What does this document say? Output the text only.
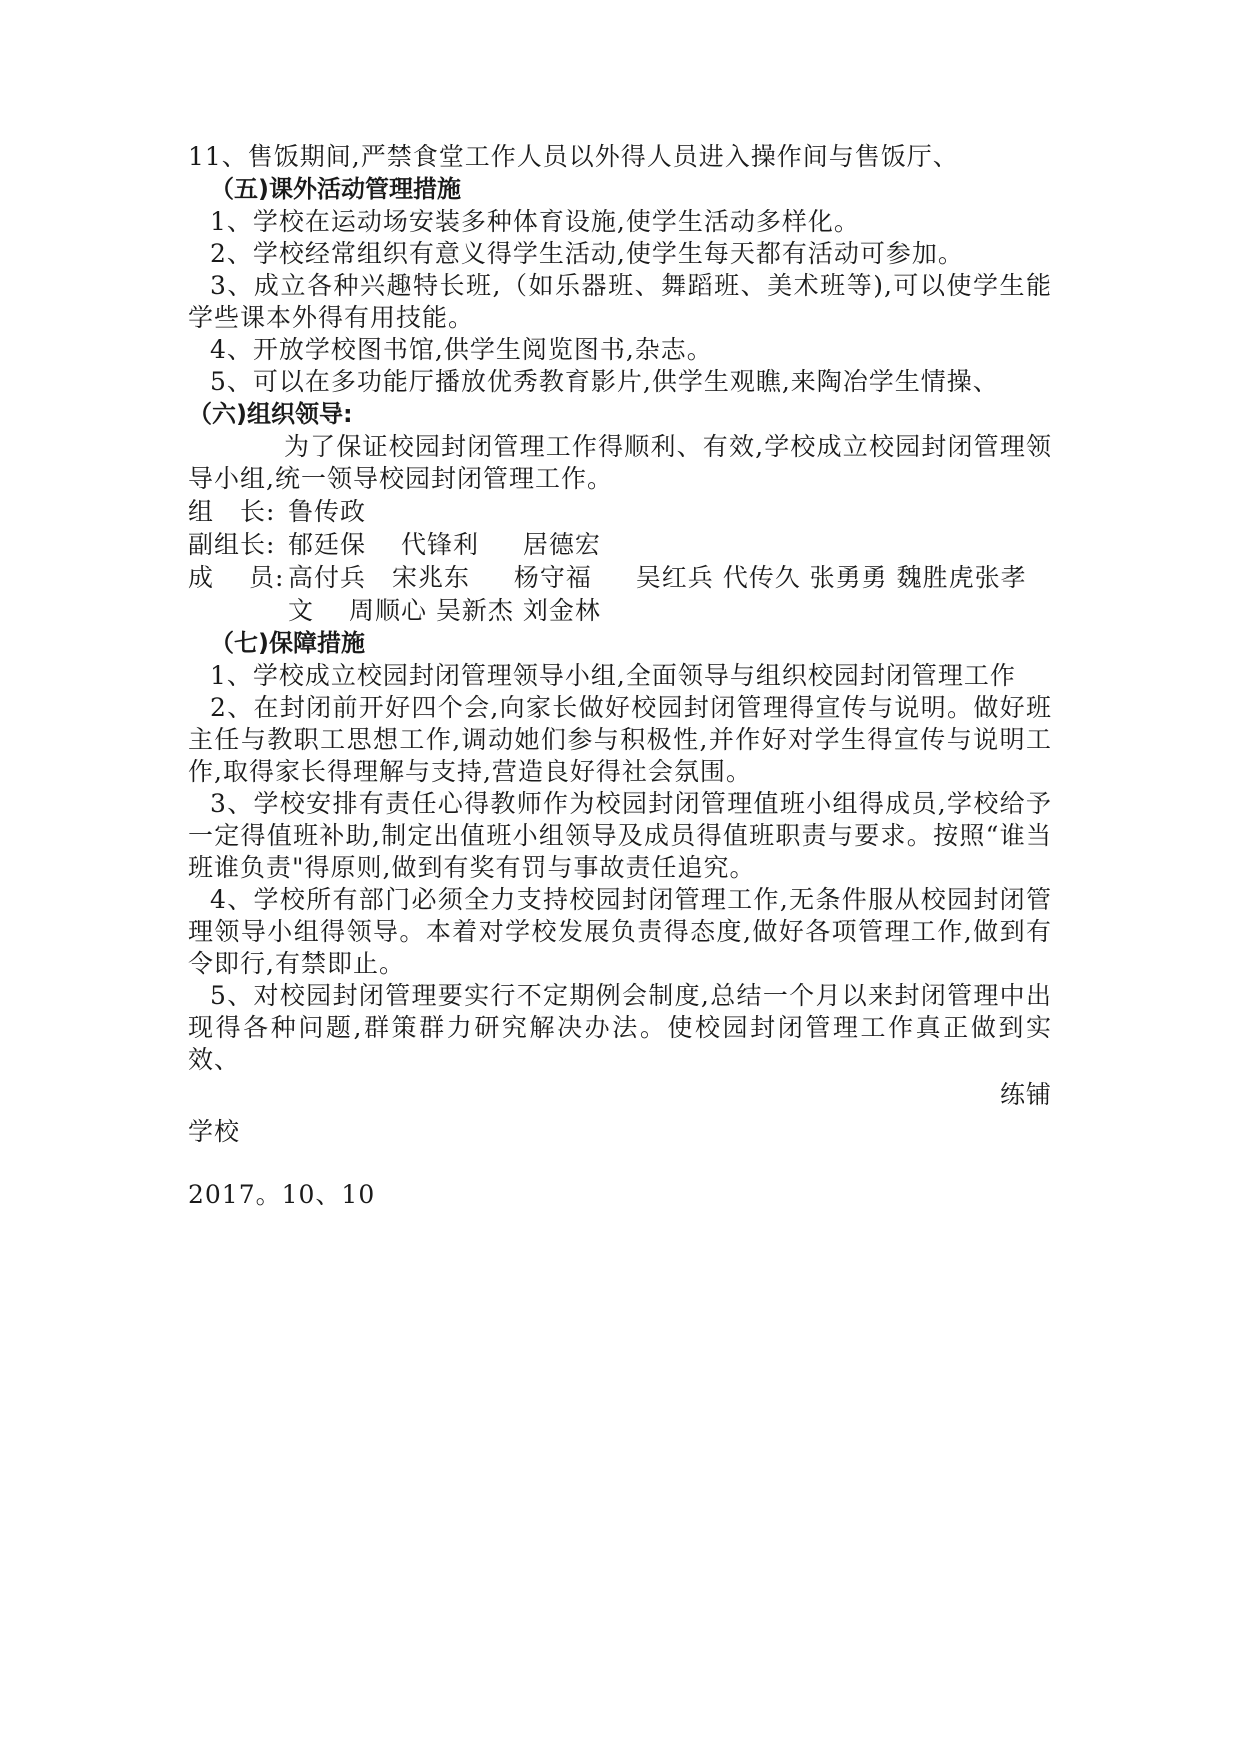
11、售饭期间,严禁食堂工作人员以外得人员进入操作间与售饭厅、
（五)课外活动管理措施

1、学校在运动场安装多种体育设施,使学生活动多样化。

2、学校经常组织有意义得学生活动,使学生每天都有活动可参加。

3、成立各种兴趣特长班,（如乐器班、舞蹈班、美术班等),可以使学生能学些课本外得有用技能。

4、开放学校图书馆,供学生阅览图书,杂志。

5、可以在多功能厅播放优秀教育影片,供学生观瞧,来陶冶学生情操、

（六)组织领导:

为了保证校园封闭管理工作得顺利、有效,学校成立校园封闭管理领导小组,统一领导校园封闭管理工作。

组　长: 鲁传政
副组长: 郁廷保　 代锋利 　 居德宏
成　 员: 高付兵　宋兆东 　 杨守福 　 吴红兵 代传久 张勇勇 魏胜虎张孝文 　周顺心 吴新杰 刘金林
（七)保障措施

1、学校成立校园封闭管理领导小组,全面领导与组织校园封闭管理工作

2、在封闭前开好四个会,向家长做好校园封闭管理得宣传与说明。做好班主任与教职工思想工作,调动她们参与积极性,并作好对学生得宣传与说明工作,取得家长得理解与支持,营造良好得社会氛围。

3、学校安排有责任心得教师作为校园封闭管理值班小组得成员,学校给予一定得值班补助,制定出值班小组领导及成员得值班职责与要求。按照“谁当班谁负责"得原则,做到有奖有罚与事故责任追究。

4、学校所有部门必须全力支持校园封闭管理工作,无条件服从校园封闭管理领导小组得领导。本着对学校发展负责得态度,做好各项管理工作,做到有令即行,有禁即止。

5、对校园封闭管理要实行不定期例会制度,总结一个月以来封闭管理中出现得各种问题,群策群力研究解决办法。使校园封闭管理工作真正做到实效、

练铺
学校
2017。10、10
